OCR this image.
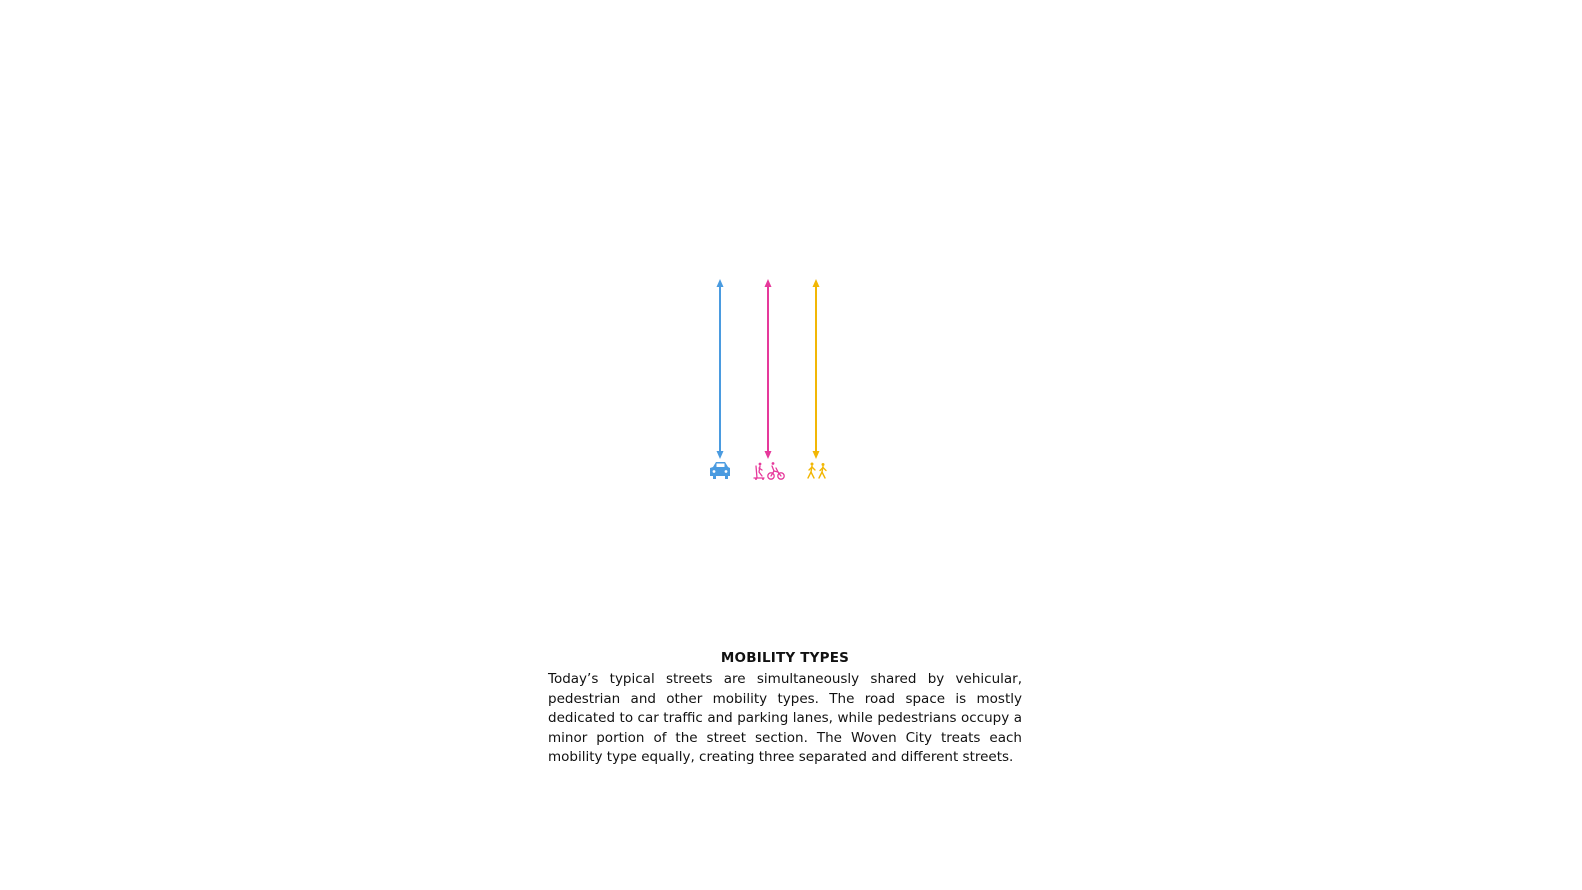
MOBILITY TYPES

Today’s typical streets are simultaneously shared by vehicular, pedestrian and other mobility types. The road space is mostly dedicated to car traffic and parking lanes, while pedestrians occupy a minor portion of the street section. The Woven City treats each mobility type equally, creating three separated and different streets.
